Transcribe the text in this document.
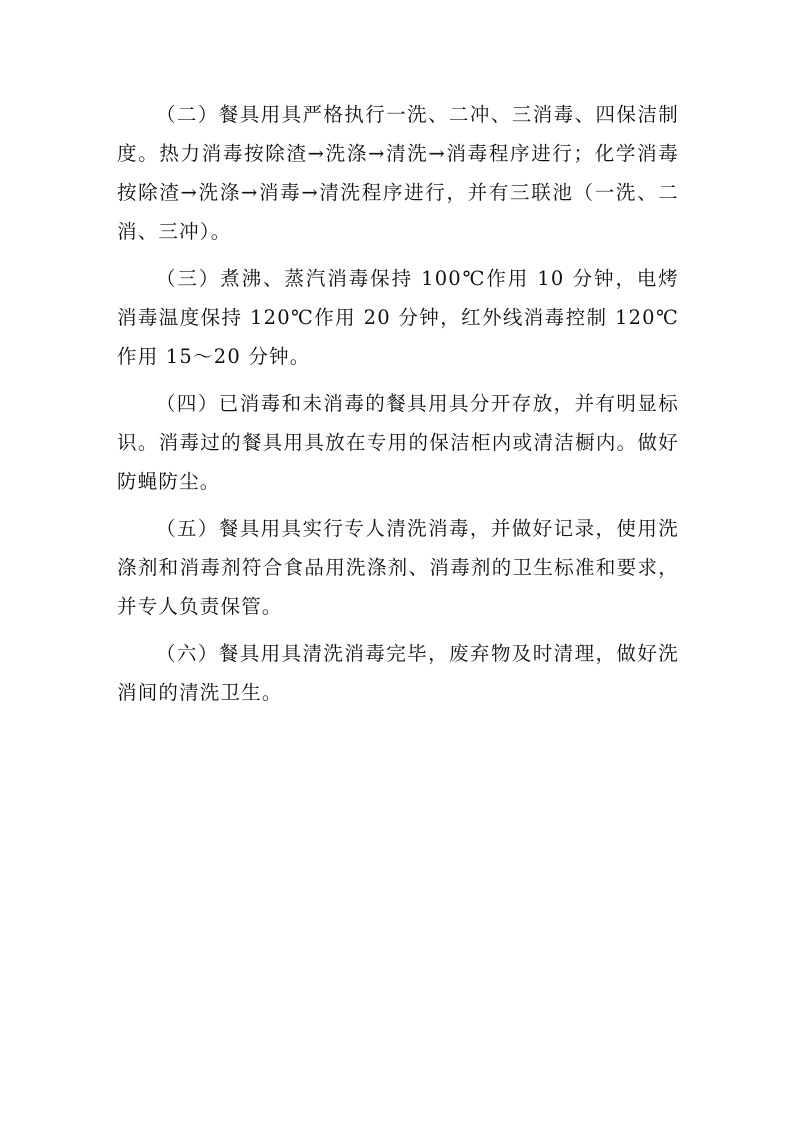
（二）餐具用具严格执行一洗、二冲、三消毒、四保洁制度。热力消毒按除渣→洗涤→清洗→消毒程序进行；化学消毒按除渣→洗涤→消毒→清洗程序进行，并有三联池（一洗、二消、三冲）。

（三）煮沸、蒸汽消毒保持 100℃作用 10 分钟，电烤消毒温度保持 120℃作用 20 分钟，红外线消毒控制 120℃作用 15～20 分钟。

（四）已消毒和未消毒的餐具用具分开存放，并有明显标识。消毒过的餐具用具放在专用的保洁柜内或清洁橱内。做好防蝇防尘。

（五）餐具用具实行专人清洗消毒，并做好记录，使用洗涤剂和消毒剂符合食品用洗涤剂、消毒剂的卫生标准和要求，并专人负责保管。

（六）餐具用具清洗消毒完毕，废弃物及时清理，做好洗消间的清洗卫生。
